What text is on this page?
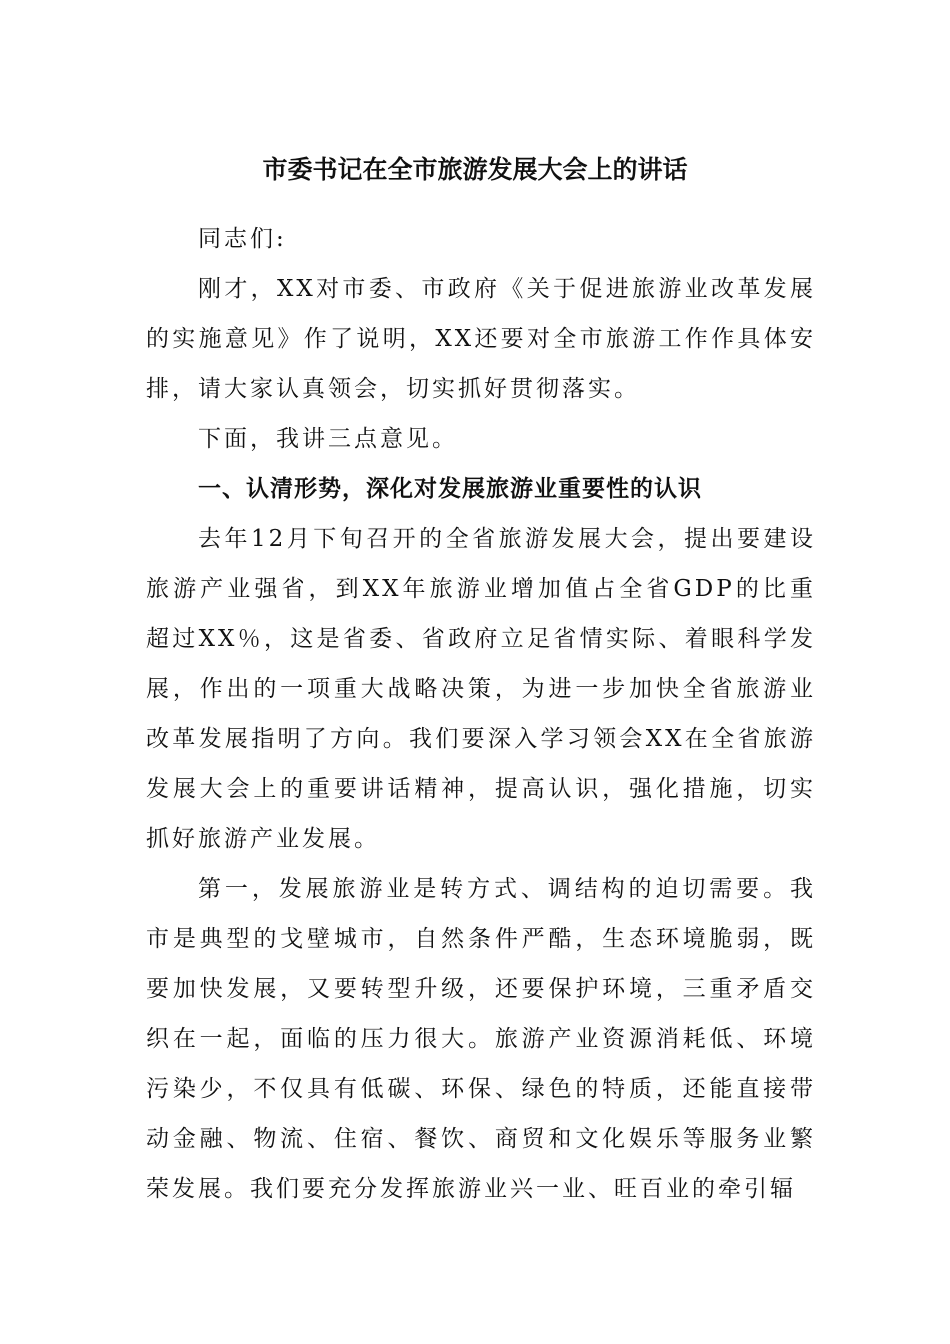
市委书记在全市旅游发展大会上的讲话

同志们:

刚才，XX对市委、市政府《关于促进旅游业改革发展的实施意见》作了说明，XX还要对全市旅游工作作具体安排，请大家认真领会，切实抓好贯彻落实。

下面，我讲三点意见。

一、认清形势，深化对发展旅游业重要性的认识

去年12月下旬召开的全省旅游发展大会，提出要建设旅游产业强省，到XX年旅游业增加值占全省GDP的比重超过XX％，这是省委、省政府立足省情实际、着眼科学发展，作出的一项重大战略决策，为进一步加快全省旅游业改革发展指明了方向。我们要深入学习领会XX在全省旅游发展大会上的重要讲话精神，提高认识，强化措施，切实抓好旅游产业发展。

第一，发展旅游业是转方式、调结构的迫切需要。我市是典型的戈壁城市，自然条件严酷，生态环境脆弱，既要加快发展，又要转型升级，还要保护环境，三重矛盾交织在一起，面临的压力很大。旅游产业资源消耗低、环境污染少，不仅具有低碳、环保、绿色的特质，还能直接带动金融、物流、住宿、餐饮、商贸和文化娱乐等服务业繁荣发展。我们要充分发挥旅游业兴一业、旺百业的牵引辐
